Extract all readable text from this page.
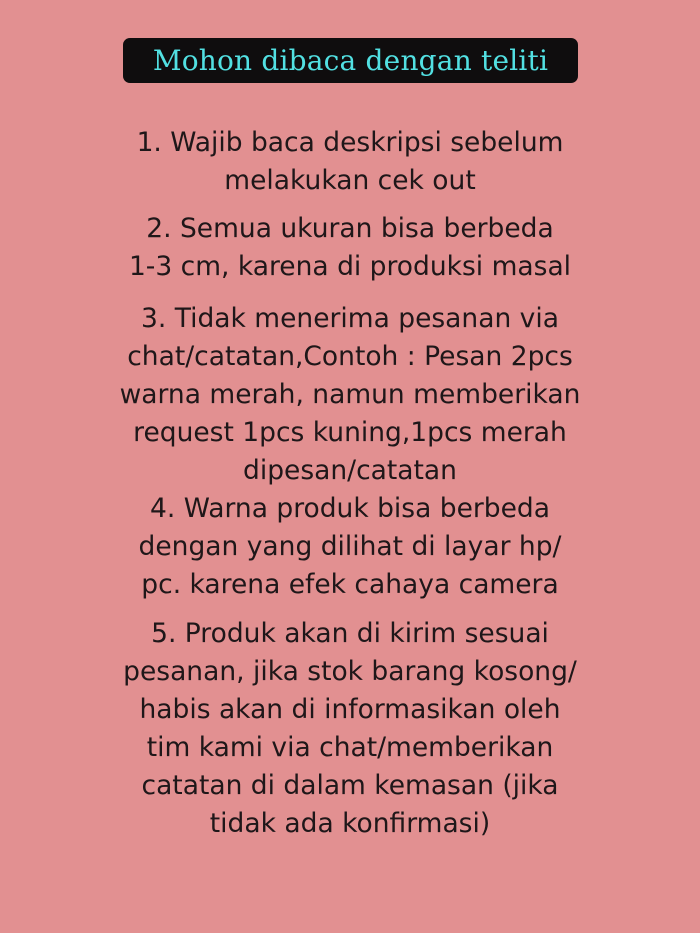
Mohon dibaca dengan teliti

1. Wajib baca deskripsi sebelum
melakukan cek out

2. Semua ukuran bisa berbeda
1-3 cm, karena di produksi masal

3. Tidak menerima pesanan via
chat/catatan,Contoh : Pesan 2pcs
warna merah, namun memberikan
request 1pcs kuning,1pcs merah
dipesan/catatan

4. Warna produk bisa berbeda
dengan yang dilihat di layar hp/
pc. karena efek cahaya camera

5. Produk akan di kirim sesuai
pesanan, jika stok barang kosong/
habis akan di informasikan oleh
tim kami via chat/memberikan
catatan di dalam kemasan (jika
tidak ada konfirmasi)
